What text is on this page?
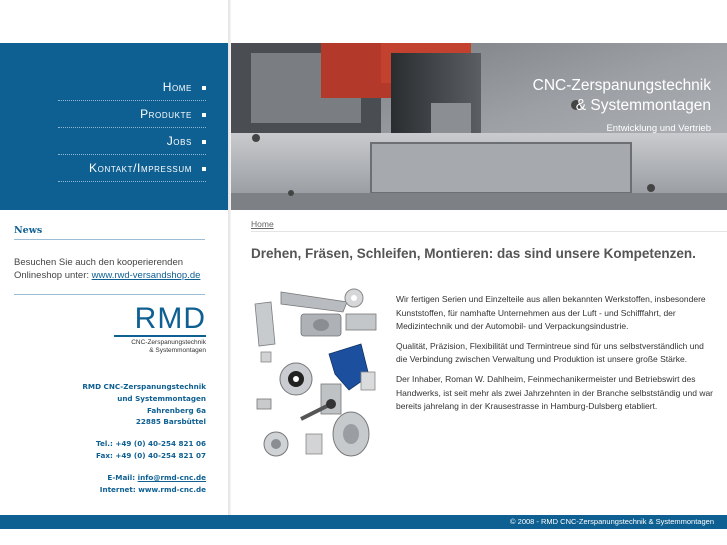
Home
Produkte
Jobs
Kontakt/Impressum
CNC-Zerspanungstechnik
& Systemmontagen
Entwicklung und Vertrieb
News
Besuchen Sie auch den kooperierenden Onlineshop unter: www.rwd-versandshop.de
RMD
CNC-Zerspanungstechnik
& Systemmontagen
RMD CNC-Zerspanungstechnik
und Systemmontagen
Fahrenberg 6a
22885 Barsbüttel
Tel.: +49 (0) 40-254 821 06
Fax: +49 (0) 40-254 821 07
E-Mail: info@rmd-cnc.de
Internet: www.rmd-cnc.de
Home
Drehen, Fräsen, Schleifen, Montieren: das sind unsere Kompetenzen.

Wir fertigen Serien und Einzelteile aus allen bekannten Werkstoffen, insbesondere Kunststoffen, für namhafte Unternehmen aus der Luft - und Schifffahrt, der Medizintechnik und der Automobil- und Verpackungsindustrie.

Qualität, Präzision, Flexibilität und Termintreue sind für uns selbstverständlich und die Verbindung zwischen Verwaltung und Produktion ist unsere große Stärke.

Der Inhaber, Roman W. Dahlheim, Feinmechanikermeister und Betriebswirt des Handwerks, ist seit mehr als zwei Jahrzehnten in der Branche selbstständig und war bereits jahrelang in der Krausestrasse in Hamburg-Dulsberg etabliert.

© 2008 - RMD CNC-Zerspanungstechnik & Systemmontagen
